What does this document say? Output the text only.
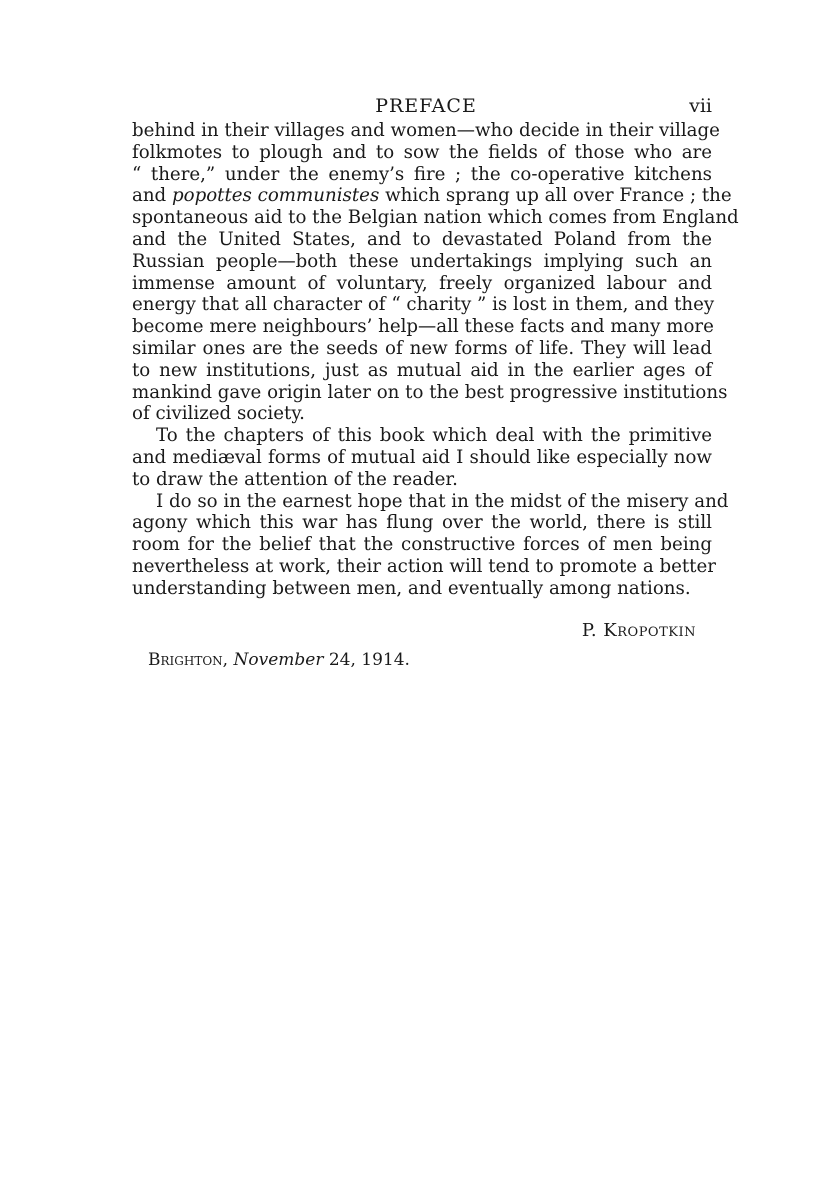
PREFACE	vii
behind in their villages and women—who decide in their village
folkmotes to plough and to sow the fields of those who are
“ there,” under the enemy’s fire ; the co-operative kitchens
and popottes communistes which sprang up all over France ; the
spontaneous aid to the Belgian nation which comes from England
and the United States, and to devastated Poland from the
Russian people—both these undertakings implying such an
immense amount of voluntary, freely organized labour and
energy that all character of “ charity ” is lost in them, and they
become mere neighbours’ help—all these facts and many more
similar ones are the seeds of new forms of life. They will lead
to new institutions, just as mutual aid in the earlier ages of
mankind gave origin later on to the best progressive institutions
of civilized society.
To the chapters of this book which deal with the primitive
and mediæval forms of mutual aid I should like especially now
to draw the attention of the reader.
I do so in the earnest hope that in the midst of the misery and
agony which this war has flung over the world, there is still
room for the belief that the constructive forces of men being
nevertheless at work, their action will tend to promote a better
understanding between men, and eventually among nations.
P. Kropotkin
Brighton, November 24, 1914.
